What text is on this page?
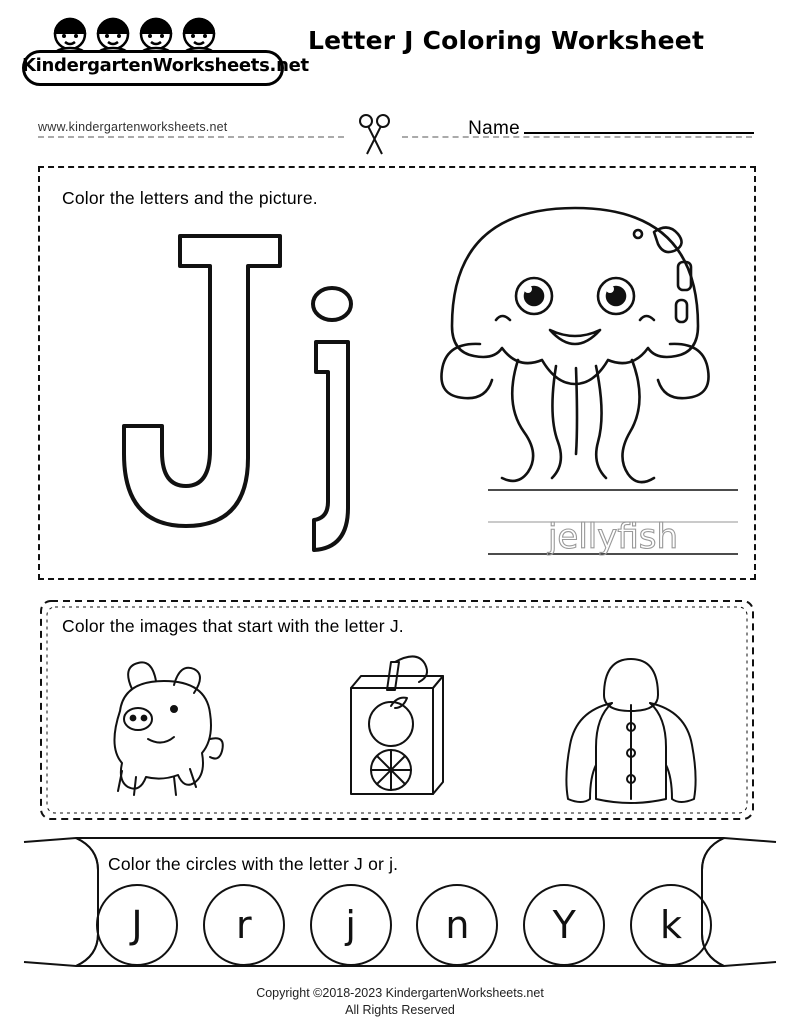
KindergartenWorksheets.net
www.kindergartenworksheets.net
Letter J Coloring Worksheet
Name
Color the letters and the picture.
jellyfish
Color the images that start with the letter J.
Color the circles with the letter J or j.
J	r	j	n	Y	k
Copyright ©2018-2023 KindergartenWorksheets.net
All Rights Reserved
